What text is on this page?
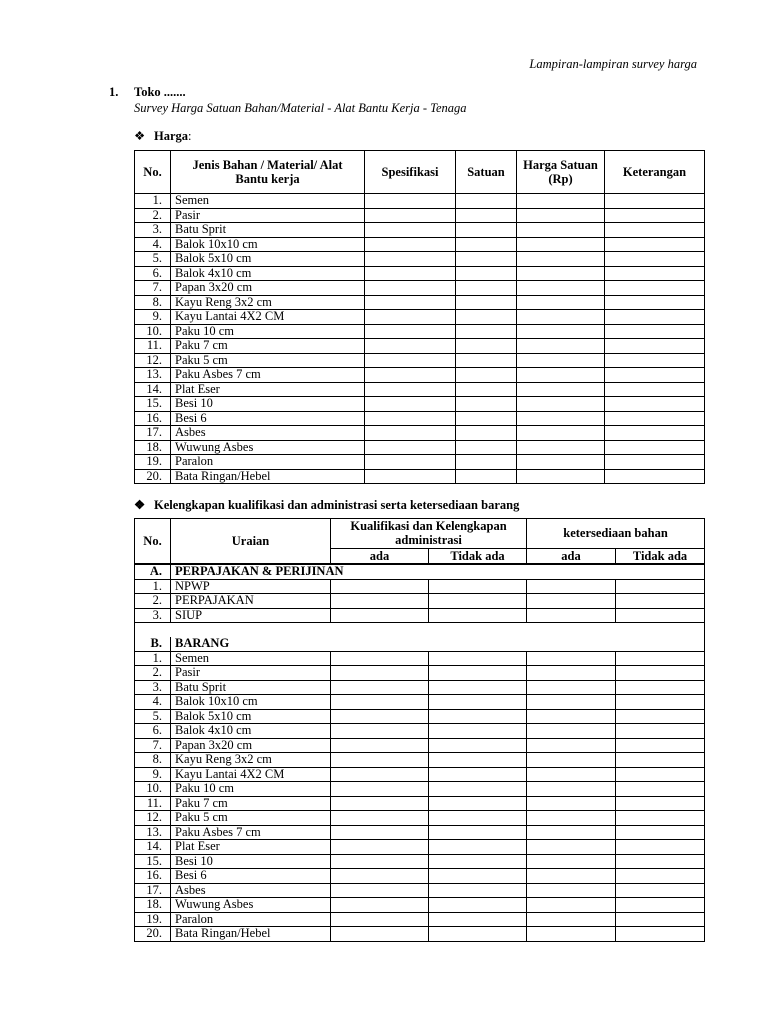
Lampiran-lampiran survey harga
1. Toko .......
Survey Harga Satuan Bahan/Material - Alat Bantu Kerja - Tenaga
❖ Harga:
No.	Jenis Bahan / Material/ Alat Bantu kerja	Spesifikasi	Satuan	Harga Satuan (Rp)	Keterangan
1.	Semen				
2.	Pasir				
3.	Batu Sprit				
4.	Balok 10x10 cm				
5.	Balok 5x10 cm				
6.	Balok 4x10 cm				
7.	Papan 3x20 cm				
8.	Kayu Reng 3x2 cm				
9.	Kayu Lantai 4X2 CM				
10.	Paku 10 cm				
11.	Paku 7 cm				
12.	Paku 5 cm				
13.	Paku Asbes 7 cm				
14.	Plat Eser				
15.	Besi 10				
16.	Besi 6				
17.	Asbes				
18.	Wuwung Asbes				
19.	Paralon				
20.	Bata Ringan/Hebel				
❖ Kelengkapan kualifikasi dan administrasi serta ketersediaan barang
No.	Uraian	Kualifikasi dan Kelengkapan administrasi		ketersediaan bahan	
		ada	Tidak ada	ada	Tidak ada
A.	PERPAJAKAN & PERIJINAN				
1.	NPWP				
2.	PERPAJAKAN				
3.	SIUP				

B.	BARANG				
1.	Semen				
2.	Pasir				
3.	Batu Sprit				
4.	Balok 10x10 cm				
5.	Balok 5x10 cm				
6.	Balok 4x10 cm				
7.	Papan 3x20 cm				
8.	Kayu Reng 3x2 cm				
9.	Kayu Lantai 4X2 CM				
10.	Paku 10 cm				
11.	Paku 7 cm				
12.	Paku 5 cm				
13.	Paku Asbes 7 cm				
14.	Plat Eser				
15.	Besi 10				
16.	Besi 6				
17.	Asbes				
18.	Wuwung Asbes				
19.	Paralon				
20.	Bata Ringan/Hebel				
